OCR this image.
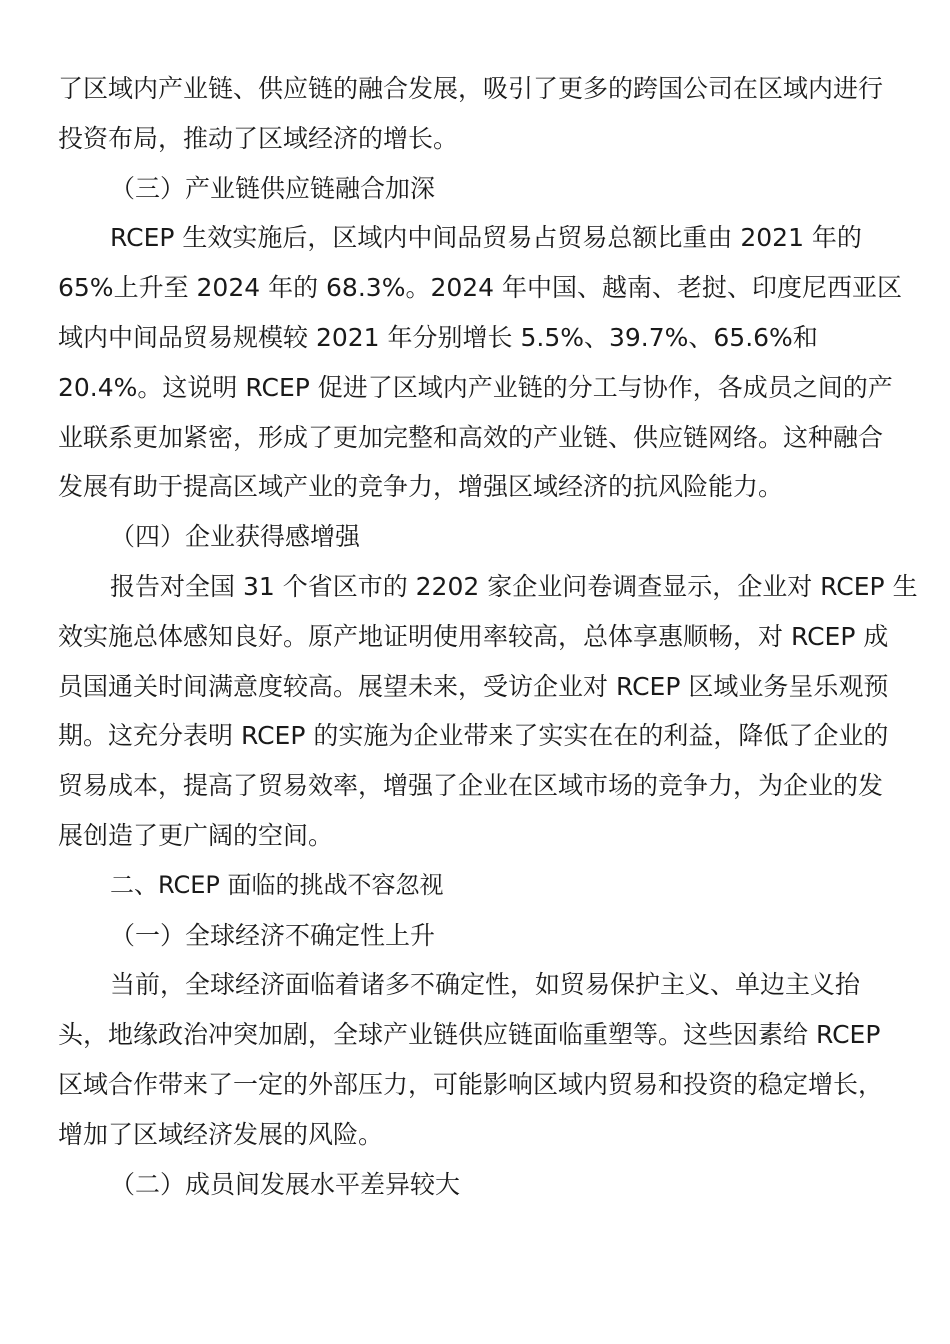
了区域内产业链、供应链的融合发展，吸引了更多的跨国公司在区域内进行
投资布局，推动了区域经济的增长。
（三）产业链供应链融合加深
RCEP 生效实施后，区域内中间品贸易占贸易总额比重由 2021 年的
65%上升至 2024 年的 68.3%。2024 年中国、越南、老挝、印度尼西亚区
域内中间品贸易规模较 2021 年分别增长 5.5%、39.7%、65.6%和
20.4%。这说明 RCEP 促进了区域内产业链的分工与协作，各成员之间的产
业联系更加紧密，形成了更加完整和高效的产业链、供应链网络。这种融合
发展有助于提高区域产业的竞争力，增强区域经济的抗风险能力。
（四）企业获得感增强
报告对全国 31 个省区市的 2202 家企业问卷调查显示，企业对 RCEP 生
效实施总体感知良好。原产地证明使用率较高，总体享惠顺畅，对 RCEP 成
员国通关时间满意度较高。展望未来，受访企业对 RCEP 区域业务呈乐观预
期。这充分表明 RCEP 的实施为企业带来了实实在在的利益，降低了企业的
贸易成本，提高了贸易效率，增强了企业在区域市场的竞争力，为企业的发
展创造了更广阔的空间。
二、RCEP 面临的挑战不容忽视
（一）全球经济不确定性上升
当前，全球经济面临着诸多不确定性，如贸易保护主义、单边主义抬
头，地缘政治冲突加剧，全球产业链供应链面临重塑等。这些因素给 RCEP
区域合作带来了一定的外部压力，可能影响区域内贸易和投资的稳定增长，
增加了区域经济发展的风险。
（二）成员间发展水平差异较大
